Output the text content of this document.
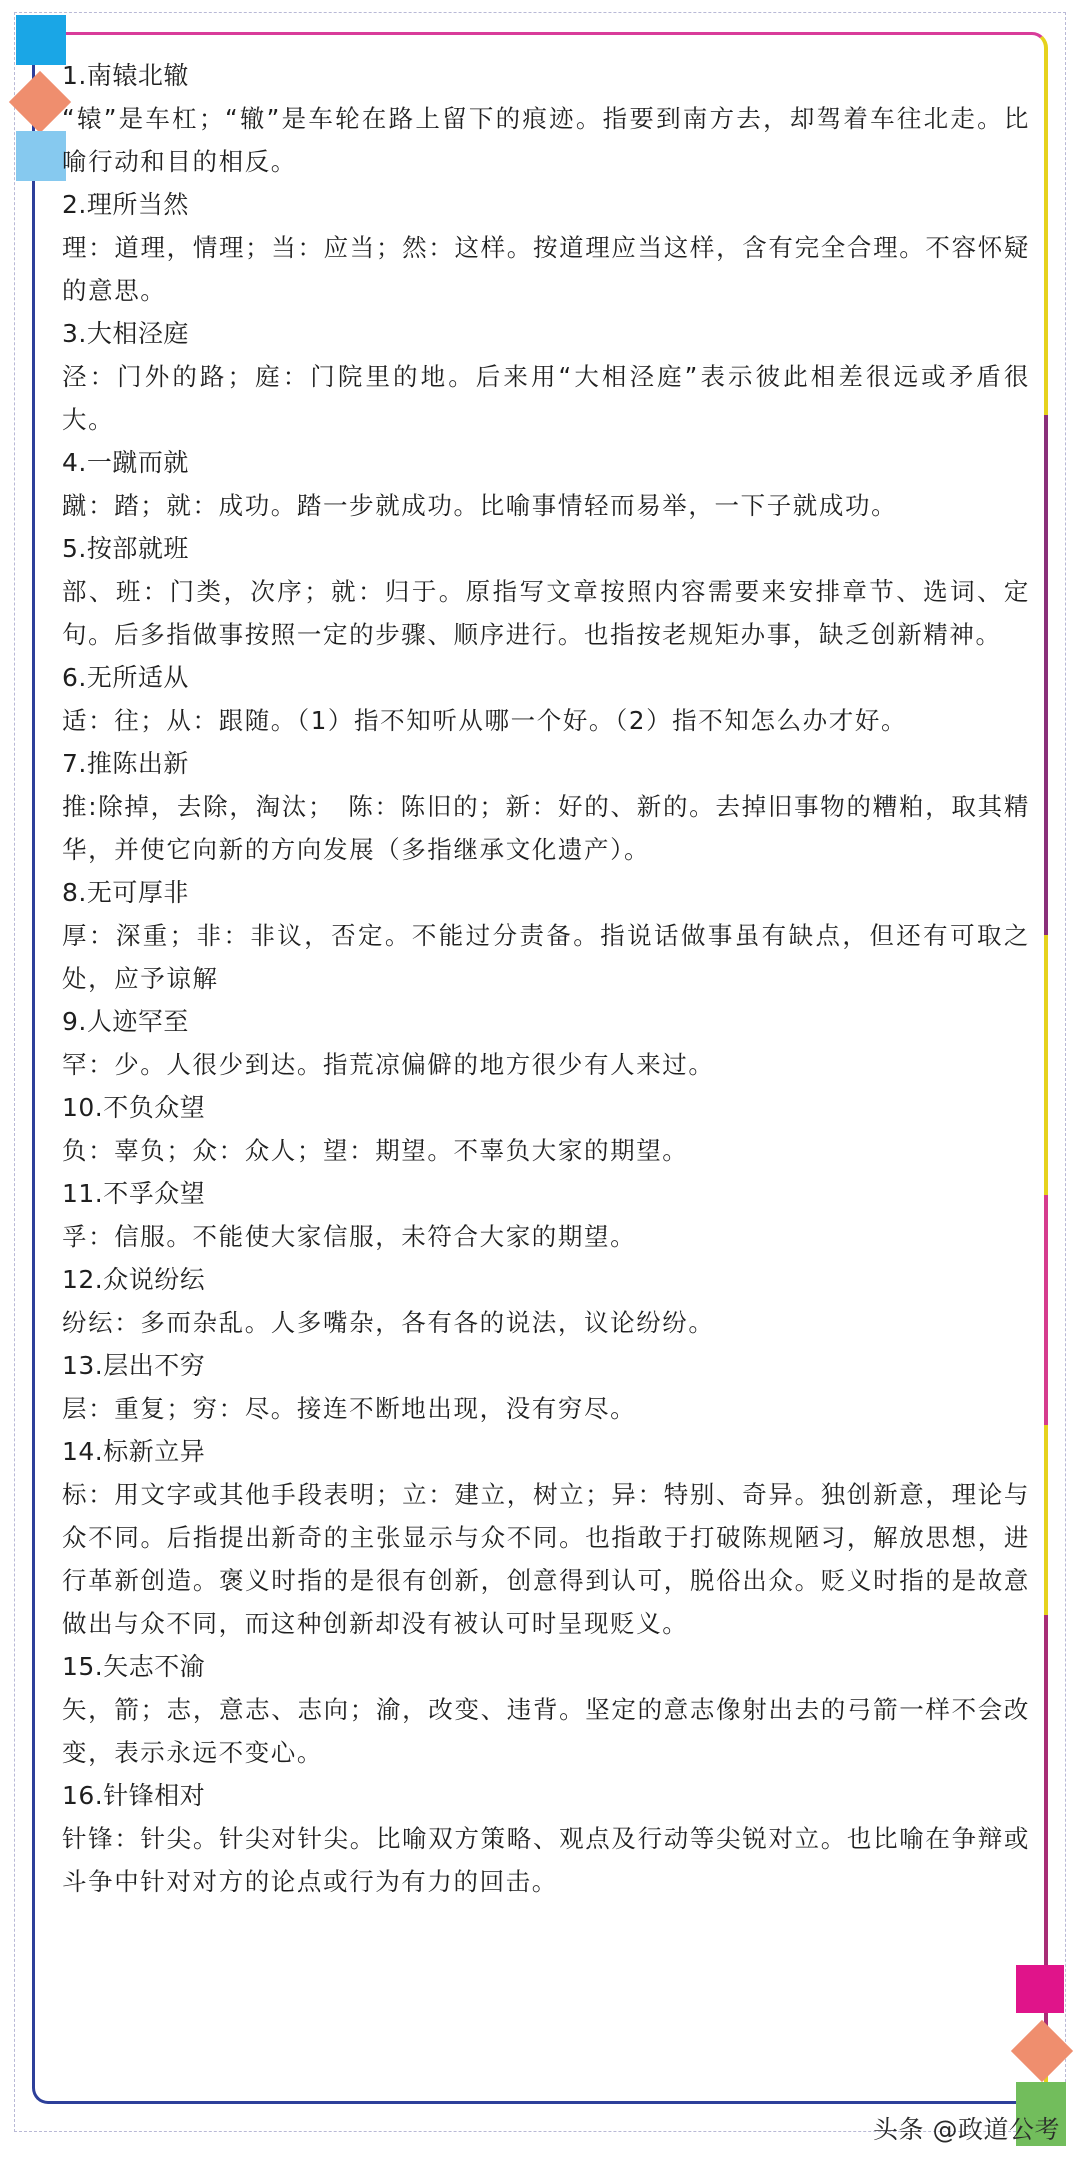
1.南辕北辙
“辕”是车杠；“辙”是车轮在路上留下的痕迹。指要到南方去，却驾着车往北走。比喻行动和目的相反。
2.理所当然
理：道理，情理；当：应当；然：这样。按道理应当这样，含有完全合理。不容怀疑的意思。
3.大相泾庭
泾：门外的路；庭：门院里的地。后来用“大相泾庭”表示彼此相差很远或矛盾很大。
4.一蹴而就
蹴：踏；就：成功。踏一步就成功。比喻事情轻而易举，一下子就成功。
5.按部就班
部、班：门类，次序；就：归于。原指写文章按照内容需要来安排章节、选词、定句。后多指做事按照一定的步骤、顺序进行。也指按老规矩办事，缺乏创新精神。
6.无所适从
适：往；从：跟随。（1）指不知听从哪一个好。（2）指不知怎么办才好。
7.推陈出新
推:除掉，去除，淘汰；　陈：陈旧的；新：好的、新的。去掉旧事物的糟粕，取其精华，并使它向新的方向发展（多指继承文化遗产）。
8.无可厚非
厚：深重；非：非议，否定。不能过分责备。指说话做事虽有缺点，但还有可取之处，应予谅解
9.人迹罕至
罕：少。人很少到达。指荒凉偏僻的地方很少有人来过。
10.不负众望
负：辜负；众：众人；望：期望。不辜负大家的期望。
11.不孚众望
孚：信服。不能使大家信服，未符合大家的期望。
12.众说纷纭
纷纭：多而杂乱。人多嘴杂，各有各的说法，议论纷纷。
13.层出不穷
层：重复；穷：尽。接连不断地出现，没有穷尽。
14.标新立异
标：用文字或其他手段表明；立：建立，树立；异：特别、奇异。独创新意，理论与众不同。后指提出新奇的主张显示与众不同。也指敢于打破陈规陋习，解放思想，进行革新创造。褒义时指的是很有创新，创意得到认可，脱俗出众。贬义时指的是故意做出与众不同，而这种创新却没有被认可时呈现贬义。
15.矢志不渝
矢，箭；志，意志、志向；渝，改变、违背。坚定的意志像射出去的弓箭一样不会改变，表示永远不变心。
16.针锋相对
针锋：针尖。针尖对针尖。比喻双方策略、观点及行动等尖锐对立。也比喻在争辩或斗争中针对对方的论点或行为有力的回击。
头条 @政道公考
